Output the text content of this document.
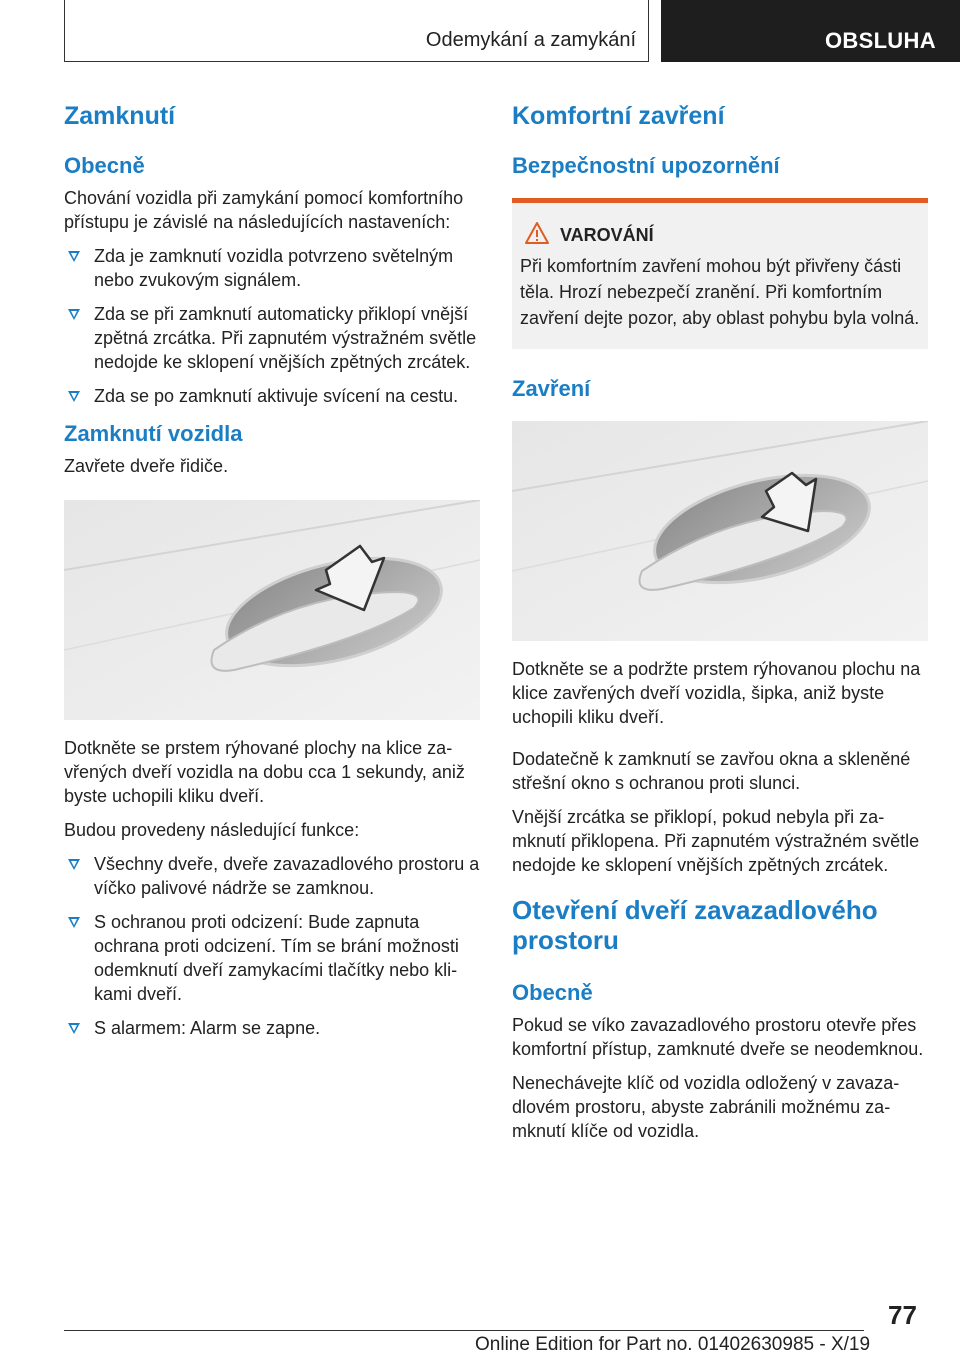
Odemykání a zamykání	OBSLUHA
Zamknutí
Obecně

Chování vozidla při zamykání pomocí komfortního přístupu je závislé na následujících nastaveních:

Zda je zamknutí vozidla potvrzeno světelným nebo zvukovým signálem.
Zda se při zamknutí automaticky přiklopí vnější zpětná zrcátka. Při zapnutém výstražném světle nedojde ke sklopení vnějších zpětných zrcátek.
Zda se po zamknutí aktivuje svícení na cestu.
Zamknutí vozidla

Zavřete dveře řidiče.

Dotkněte se prstem rýhované plochy na klice zavřených dveří vozidla na dobu cca 1 sekundy, aniž byste uchopili kliku dveří.

Budou provedeny následující funkce:

Všechny dveře, dveře zavazadlového prostoru a víčko palivové nádrže se zamknou.
S ochranou proti odcizení: Bude zapnuta ochrana proti odcizení. Tím se brání možnosti odemknutí dveří zamykacími tlačítky nebo klikami dveří.
S alarmem: Alarm se zapne.
Komfortní zavření
Bezpečnostní upozornění
VAROVÁNÍ

Při komfortním zavření mohou být přivřeny části těla. Hrozí nebezpečí zranění. Při komfortním zavření dejte pozor, aby oblast pohybu byla volná.

Zavření

Dotkněte se a podržte prstem rýhovanou plochu na klice zavřených dveří vozidla, šipka, aniž byste uchopili kliku dveří.

Dodatečně k zamknutí se zavřou okna a skleněné střešní okno s ochranou proti slunci.

Vnější zrcátka se přiklopí, pokud nebyla při zamknutí přiklopena. Při zapnutém výstražném světle nedojde ke sklopení vnějších zpětných zrcátek.

Otevření dveří zavazadlového prostoru
Obecně

Pokud se víko zavazadlového prostoru otevře přes komfortní přístup, zamknuté dveře se neodemknou.

Nenechávejte klíč od vozidla odložený v zavazadlovém prostoru, abyste zabránili možnému zamknutí klíče od vozidla.

77
Online Edition for Part no. 01402630985 - X/19
